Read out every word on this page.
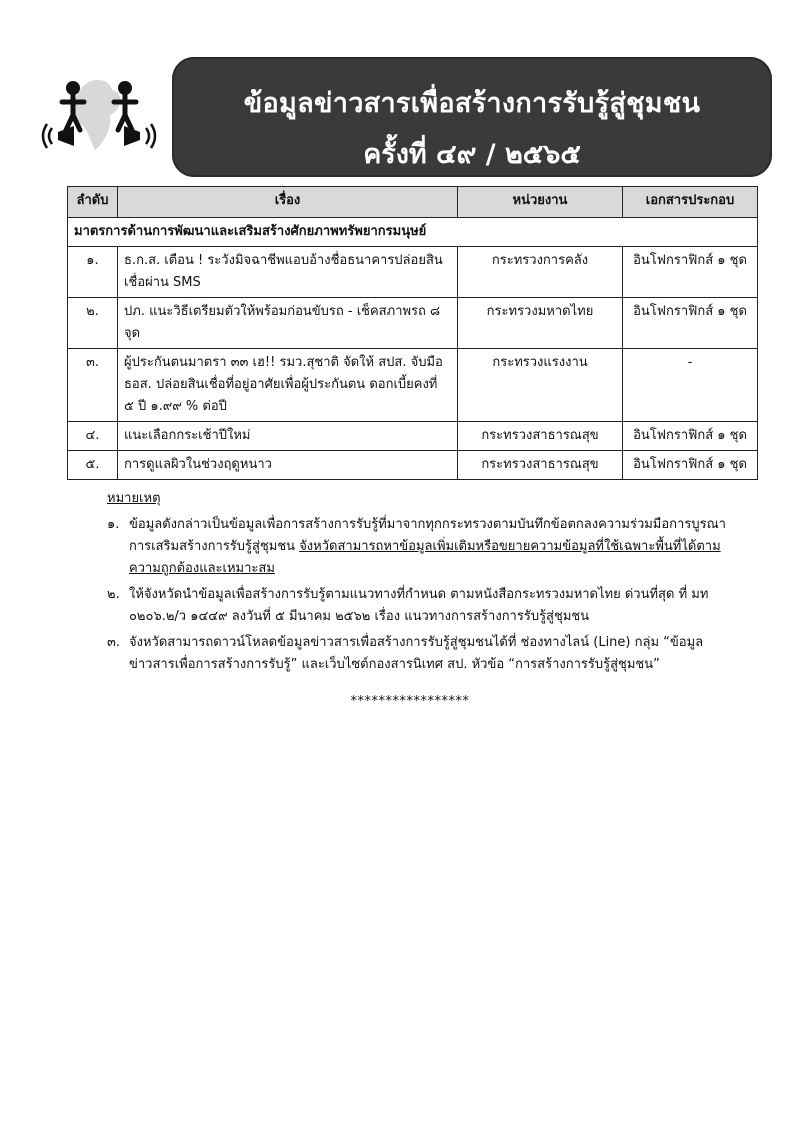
ข้อมูลข่าวสารเพื่อสร้างการรับรู้สู่ชุมชน
ครั้งที่ ๔๙ / ๒๕๖๕
ลำดับ	เรื่อง	หน่วยงาน	เอกสารประกอบ
มาตรการด้านการพัฒนาและเสริมสร้างศักยภาพทรัพยากรมนุษย์			
๑.	ธ.ก.ส. เตือน ! ระวังมิจฉาชีพแอบอ้างชื่อธนาคารปล่อยสินเชื่อผ่าน SMS	กระทรวงการคลัง	อินโฟกราฟิกส์ ๑ ชุด
๒.	ปภ. แนะวิธีเตรียมตัวให้พร้อมก่อนขับรถ - เช็คสภาพรถ ๘ จุด	กระทรวงมหาดไทย	อินโฟกราฟิกส์ ๑ ชุด
๓.	ผู้ประกันตนมาตรา ๓๓ เฮ!! รมว.สุชาติ จัดให้ สปส. จับมือ ธอส. ปล่อยสินเชื่อที่อยู่อาศัยเพื่อผู้ประกันตน ดอกเบี้ยคงที่ ๕ ปี ๑.๙๙ % ต่อปี	กระทรวงแรงงาน	-
๔.	แนะเลือกกระเช้าปีใหม่	กระทรวงสาธารณสุข	อินโฟกราฟิกส์ ๑ ชุด
๕.	การดูแลผิวในช่วงฤดูหนาว	กระทรวงสาธารณสุข	อินโฟกราฟิกส์ ๑ ชุด
หมายเหตุ
๑. ข้อมูลดังกล่าวเป็นข้อมูลเพื่อการสร้างการรับรู้ที่มาจากทุกกระทรวงตามบันทึกข้อตกลงความร่วมมือการบูรณาการเสริมสร้างการรับรู้สู่ชุมชน จังหวัดสามารถหาข้อมูลเพิ่มเติมหรือขยายความข้อมูลที่ใช้เฉพาะพื้นที่ได้ตามความถูกต้องและเหมาะสม
๒. ให้จังหวัดนำข้อมูลเพื่อสร้างการรับรู้ตามแนวทางที่กำหนด ตามหนังสือกระทรวงมหาดไทย ด่วนที่สุด ที่ มท ๐๒๐๖.๒/ว ๑๔๔๙ ลงวันที่ ๕ มีนาคม ๒๕๖๒ เรื่อง แนวทางการสร้างการรับรู้สู่ชุมชน
๓. จังหวัดสามารถดาวน์โหลดข้อมูลข่าวสารเพื่อสร้างการรับรู้สู่ชุมชนได้ที่ ช่องทางไลน์ (Line) กลุ่ม “ข้อมูลข่าวสารเพื่อการสร้างการรับรู้” และเว็บไซต์กองสารนิเทศ สป. หัวข้อ “การสร้างการรับรู้สู่ชุมชน”
*****************
